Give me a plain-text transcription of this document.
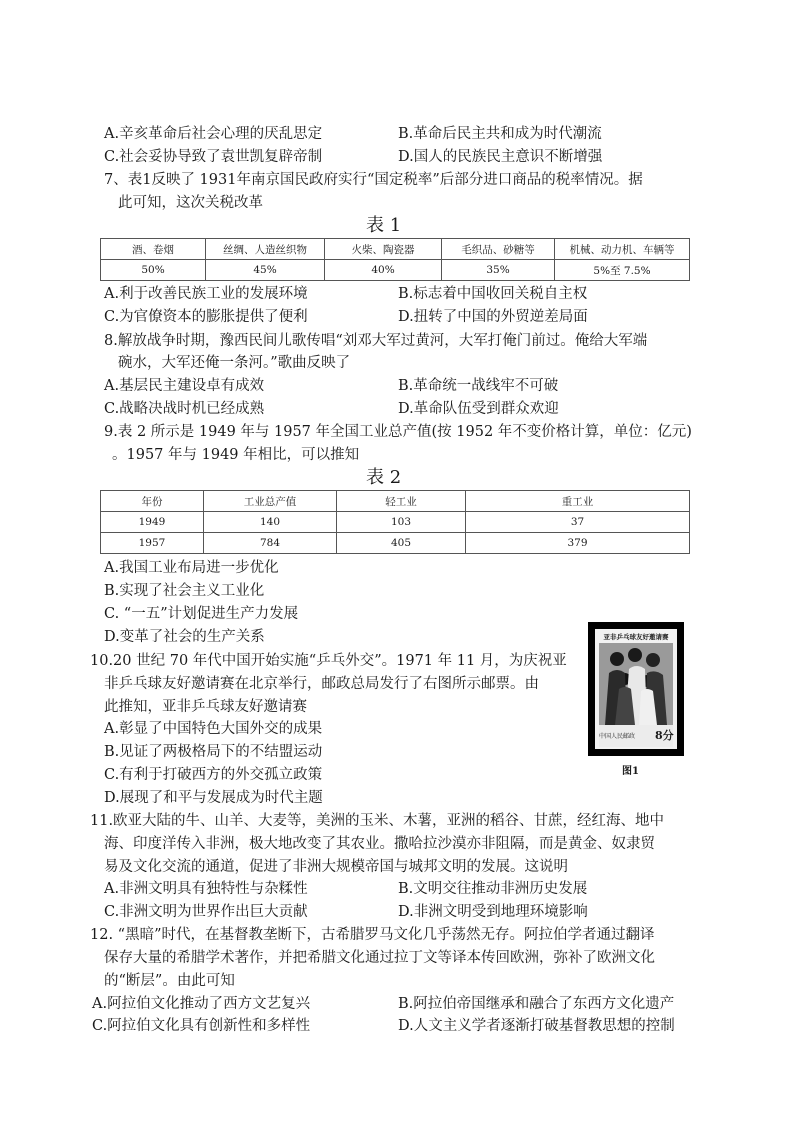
A.辛亥革命后社会心理的厌乱思定	B.革命后民主共和成为时代潮流
C.社会妥协导致了袁世凯复辟帝制	D.国人的民族民主意识不断增强
7、表1反映了 1931年南京国民政府实行“国定税率”后部分进口商品的税率情况。据
此可知，这次关税改革
表 1
酒、卷烟	丝绸、人造丝织物	火柴、陶瓷器	毛织品、砂糖等	机械、动力机、车辆等
50%	45%	40%	35%	5%至 7.5%
A.利于改善民族工业的发展环境	B.标志着中国收回关税自主权
C.为官僚资本的膨胀提供了便利	D.扭转了中国的外贸逆差局面
8.解放战争时期，豫西民间儿歌传唱“刘邓大军过黄河，大军打俺门前过。俺给大军端
碗水，大军还俺一条河。”歌曲反映了
A.基层民主建设卓有成效	B.革命统一战线牢不可破
C.战略决战时机已经成熟	D.革命队伍受到群众欢迎
9.表 2 所示是 1949 年与 1957 年全国工业总产值(按 1952 年不变价格计算，单位：亿元)
。1957 年与 1949 年相比，可以推知
表 2
年份	工业总产值	轻工业	重工业
1949	140	103	37
1957	784	405	379
A.我国工业布局进一步优化
B.实现了社会主义工业化
C. “一五”计划促进生产力发展
D.变革了社会的生产关系
10.20 世纪 70 年代中国开始实施“乒乓外交”。1971 年 11 月，为庆祝亚
非乒乓球友好邀请赛在北京举行，邮政总局发行了右图所示邮票。由
此推知，亚非乒乓球友好邀请赛
A.彰显了中国特色大国外交的成果
B.见证了两极格局下的不结盟运动
C.有利于打破西方的外交孤立政策
D.展现了和平与发展成为时代主题
亚非乒乓球友好邀请赛
中国人民邮政 8分
图1
11.欧亚大陆的牛、山羊、大麦等，美洲的玉米、木薯，亚洲的稻谷、甘蔗，经红海、地中
海、印度洋传入非洲，极大地改变了其农业。撒哈拉沙漠亦非阻隔，而是黄金、奴隶贸
易及文化交流的通道，促进了非洲大规模帝国与城邦文明的发展。这说明
A.非洲文明具有独特性与杂糅性	B.文明交往推动非洲历史发展
C.非洲文明为世界作出巨大贡献	D.非洲文明受到地理环境影响
12. “黑暗”时代，在基督教垄断下，古希腊罗马文化几乎荡然无存。阿拉伯学者通过翻译
保存大量的希腊学术著作，并把希腊文化通过拉丁文等译本传回欧洲，弥补了欧洲文化
的“断层”。由此可知
A.阿拉伯文化推动了西方文艺复兴	B.阿拉伯帝国继承和融合了东西方文化遗产
C.阿拉伯文化具有创新性和多样性	D.人文主义学者逐渐打破基督教思想的控制
